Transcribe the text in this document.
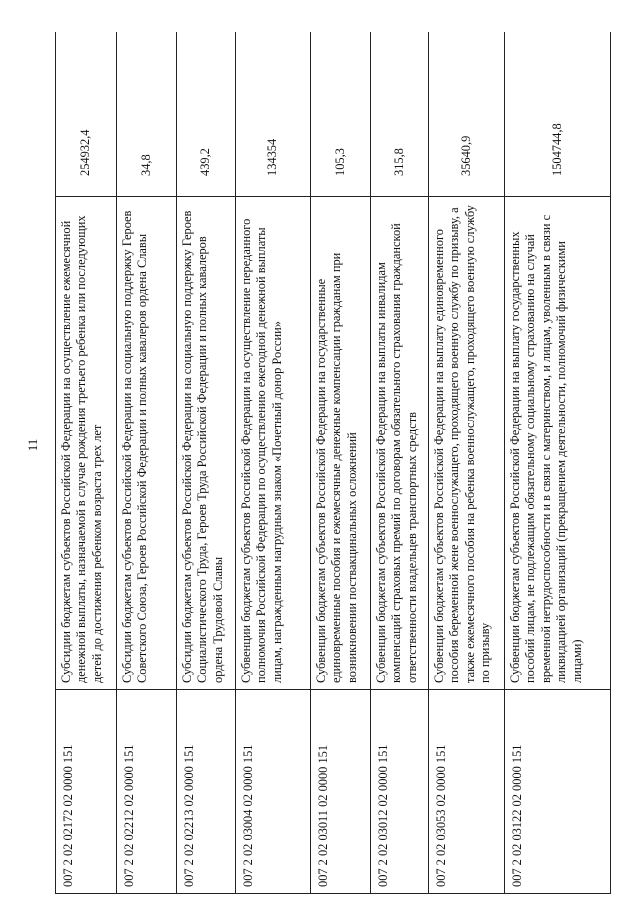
11
007 2 02 02172 02 0000 151	Субсидии бюджетам субъектов Российской Федерации на осуществление ежемесячной денежной выплаты, назначаемой в случае рождения третьего ребенка или последующих детей до достижения ребенком возраста трех лет	254932,4
007 2 02 02212 02 0000 151	Субсидии бюджетам субъектов Российской Федерации на социальную поддержку Героев Советского Союза, Героев Российской Федерации и полных кавалеров ордена Славы	34,8
007 2 02 02213 02 0000 151	Субсидии бюджетам субъектов Российской Федерации на социальную поддержку Героев Социалистического Труда, Героев Труда Российской Федерации и полных кавалеров ордена Трудовой Славы	439,2
007 2 02 03004 02 0000 151	Субвенции бюджетам субъектов Российской Федерации на осуществление переданного полномочия Российской Федерации по осуществлению ежегодной денежной выплаты лицам, награжденным нагрудным знаком «Почетный донор России»	134354
007 2 02 03011 02 0000 151	Субвенции бюджетам субъектов Российской Федерации на государственные единовременные пособия и ежемесячные денежные компенсации гражданам при возникновении поствакцинальных осложнений	105,3
007 2 02 03012 02 0000 151	Субвенции бюджетам субъектов Российской Федерации на выплаты инвалидам компенсаций страховых премий по договорам обязательного страхования гражданской ответственности владельцев транспортных средств	315,8
007 2 02 03053 02 0000 151	Субвенции бюджетам субъектов Российской Федерации на выплату единовременного пособия беременной жене военнослужащего, проходящего военную службу по призыву, а также ежемесячного пособия на ребенка военнослужащего, проходящего военную службу по призыву	35640,9
007 2 02 03122 02 0000 151	Субвенции бюджетам субъектов Российской Федерации на выплату государственных пособий лицам, не подлежащим обязательному социальному страхованию на случай временной нетрудоспособности и в связи с материнством, и лицам, уволенным в связи с ликвидацией организаций (прекращением деятельности, полномочий физическими лицами)	1504744,8
